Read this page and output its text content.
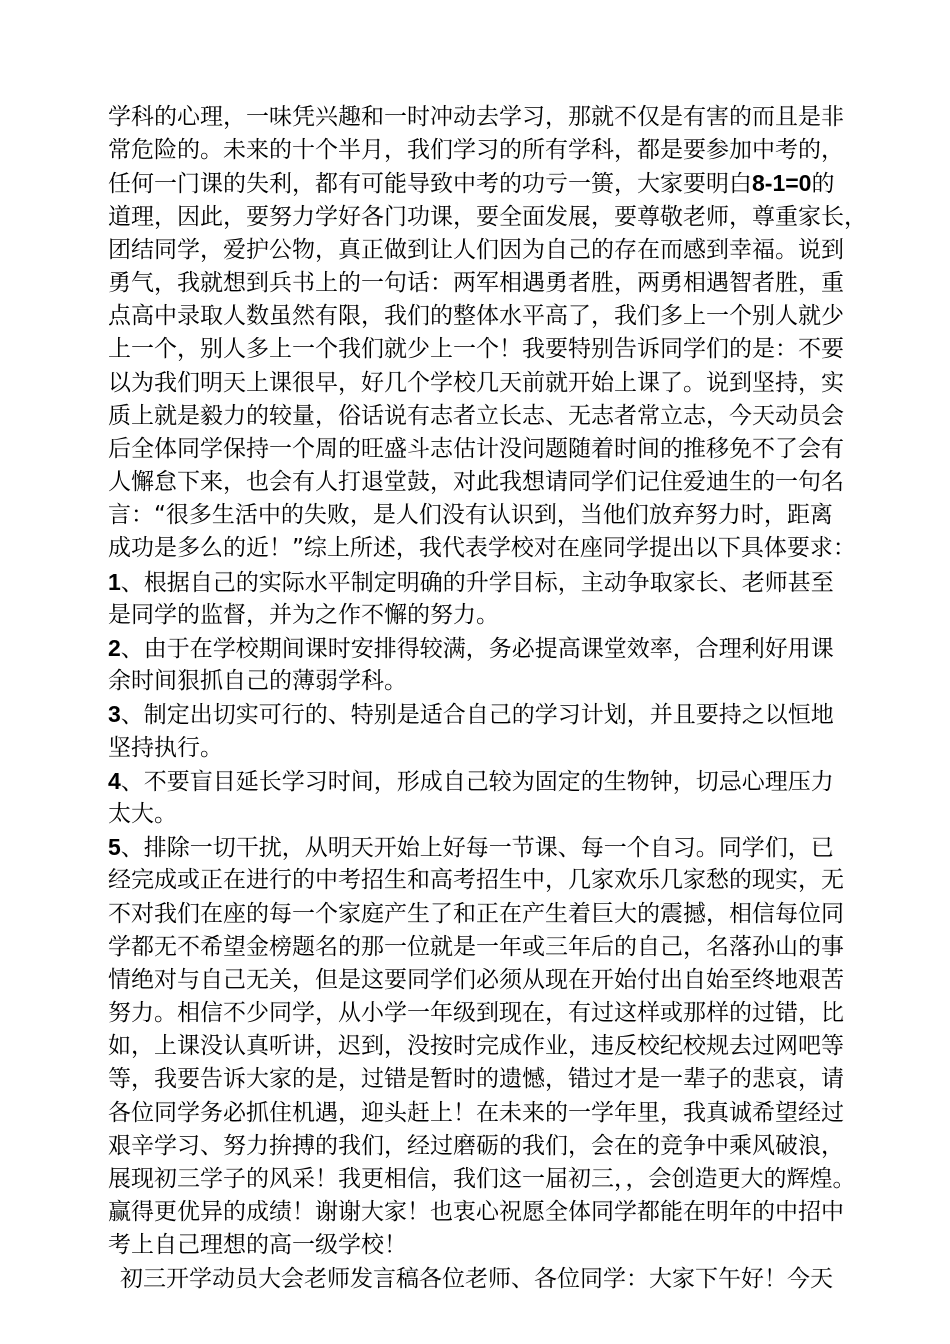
学科的心理，一味凭兴趣和一时冲动去学习，那就不仅是有害的而且是非
常危险的。未来的十个半月，我们学习的所有学科，都是要参加中考的，
任何一门课的失利，都有可能导致中考的功亏一篑，大家要明白8-1=0的
道理，因此，要努力学好各门功课，要全面发展，要尊敬老师，尊重家长，
团结同学，爱护公物，真正做到让人们因为自己的存在而感到幸福。说到
勇气，我就想到兵书上的一句话：两军相遇勇者胜，两勇相遇智者胜，重
点高中录取人数虽然有限，我们的整体水平高了，我们多上一个别人就少
上一个，别人多上一个我们就少上一个！我要特别告诉同学们的是：不要
以为我们明天上课很早，好几个学校几天前就开始上课了。说到坚持，实
质上就是毅力的较量，俗话说有志者立长志、无志者常立志，今天动员会
后全体同学保持一个周的旺盛斗志估计没问题随着时间的推移免不了会有
人懈怠下来，也会有人打退堂鼓，对此我想请同学们记住爱迪生的一句名
言：“很多生活中的失败，是人们没有认识到，当他们放弃努力时，距离
成功是多么的近！”综上所述，我代表学校对在座同学提出以下具体要求：
1、根据自己的实际水平制定明确的升学目标，主动争取家长、老师甚至
是同学的监督，并为之作不懈的努力。
2、由于在学校期间课时安排得较满，务必提高课堂效率，合理利好用课
余时间狠抓自己的薄弱学科。
3、制定出切实可行的、特别是适合自己的学习计划，并且要持之以恒地
坚持执行。
4、不要盲目延长学习时间，形成自己较为固定的生物钟，切忌心理压力
太大。
5、排除一切干扰，从明天开始上好每一节课、每一个自习。同学们，已
经完成或正在进行的中考招生和高考招生中，几家欢乐几家愁的现实，无
不对我们在座的每一个家庭产生了和正在产生着巨大的震撼，相信每位同
学都无不希望金榜题名的那一位就是一年或三年后的自己，名落孙山的事
情绝对与自己无关，但是这要同学们必须从现在开始付出自始至终地艰苦
努力。相信不少同学，从小学一年级到现在，有过这样或那样的过错，比
如，上课没认真听讲，迟到，没按时完成作业，违反校纪校规去过网吧等
等，我要告诉大家的是，过错是暂时的遗憾，错过才是一辈子的悲哀，请
各位同学务必抓住机遇，迎头赶上！在未来的一学年里，我真诚希望经过
艰辛学习、努力拚搏的我们，经过磨砺的我们，会在的竞争中乘风破浪，
展现初三学子的风采！我更相信，我们这一届初三，，会创造更大的辉煌。
赢得更优异的成绩！谢谢大家！也衷心祝愿全体同学都能在明年的中招中
考上自己理想的高一级学校！
初三开学动员大会老师发言稿各位老师、各位同学：大家下午好！今天
